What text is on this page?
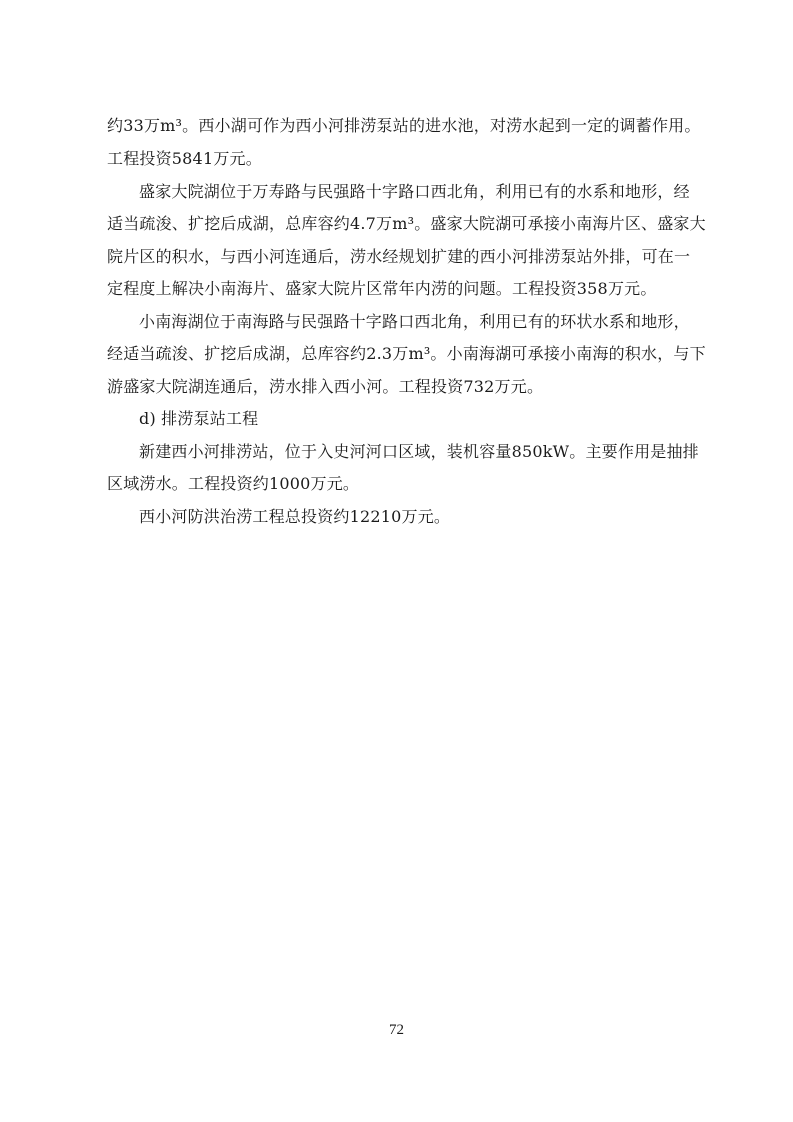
约33万m³。西小湖可作为西小河排涝泵站的进水池，对涝水起到一定的调蓄作用。
工程投资5841万元。
盛家大院湖位于万寿路与民强路十字路口西北角，利用已有的水系和地形，经
适当疏浚、扩挖后成湖，总库容约4.7万m³。盛家大院湖可承接小南海片区、盛家大
院片区的积水，与西小河连通后，涝水经规划扩建的西小河排涝泵站外排，可在一
定程度上解决小南海片、盛家大院片区常年内涝的问题。工程投资358万元。
小南海湖位于南海路与民强路十字路口西北角，利用已有的环状水系和地形，
经适当疏浚、扩挖后成湖，总库容约2.3万m³。小南海湖可承接小南海的积水，与下
游盛家大院湖连通后，涝水排入西小河。工程投资732万元。
d) 排涝泵站工程
新建西小河排涝站，位于入史河河口区域，装机容量850kW。主要作用是抽排
区域涝水。工程投资约1000万元。
西小河防洪治涝工程总投资约12210万元。
72
